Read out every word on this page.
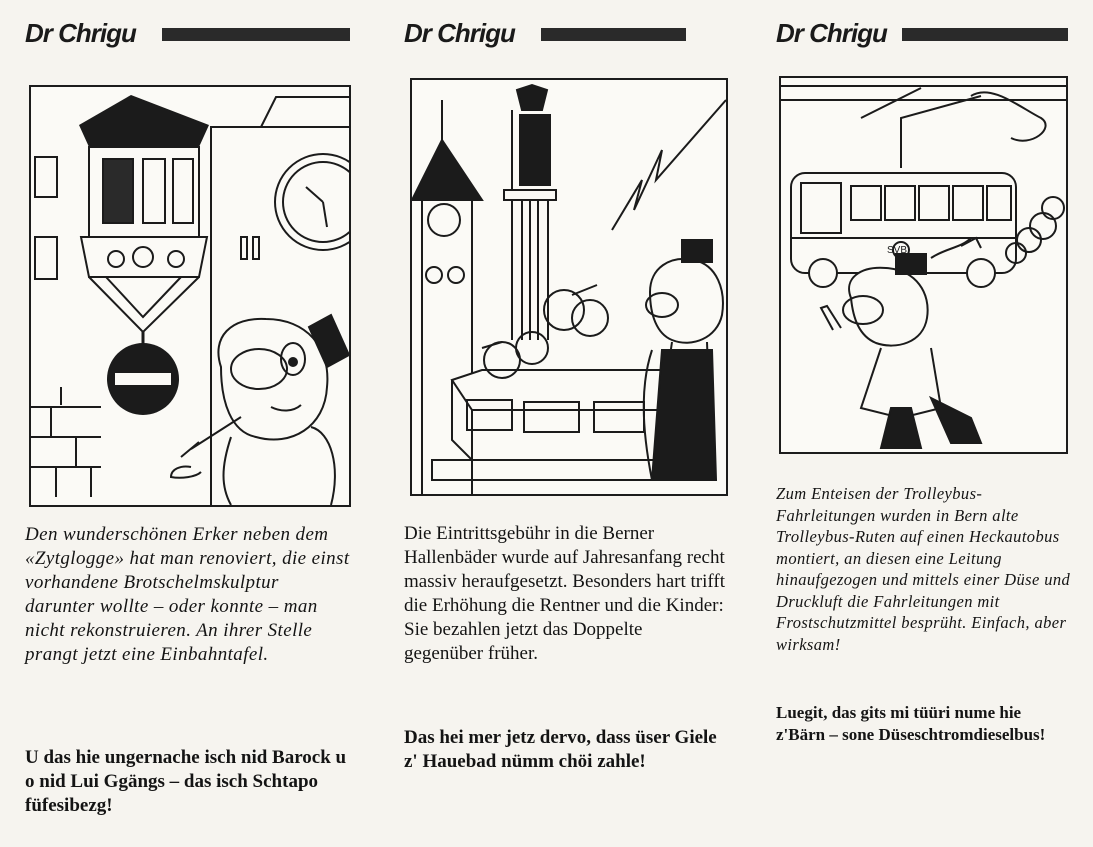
Dr Chrigu

Den wunderschönen Erker neben dem «Zytglogge» hat man renoviert, die einst vorhandene Brotschelmskulptur darunter wollte – oder konnte – man nicht rekonstruieren. An ihrer Stelle prangt jetzt eine Einbahntafel.

U das hie ungernache isch nid Barock u o nid Lui Ggängs – das isch Schtapo füfesibezg!

Dr Chrigu

Die Eintrittsgebühr in die Berner Hallenbäder wurde auf Jahresanfang recht massiv heraufgesetzt. Besonders hart trifft die Erhöhung die Rentner und die Kinder: Sie bezahlen jetzt das Doppelte gegenüber früher.

Das hei mer jetz dervo, dass üser Giele z' Hauebad nümm chöi zahle!

Dr Chrigu
SVB

Zum Enteisen der Trolleybus-Fahrleitungen wurden in Bern alte Trolleybus-Ruten auf einen Heckautobus montiert, an diesen eine Leitung hinaufgezogen und mittels einer Düse und Druckluft die Fahrleitungen mit Frostschutzmittel besprüht. Einfach, aber wirksam!

Luegit, das gits mi tüüri nume hie z'Bärn – sone Düseschtromdieselbus!
